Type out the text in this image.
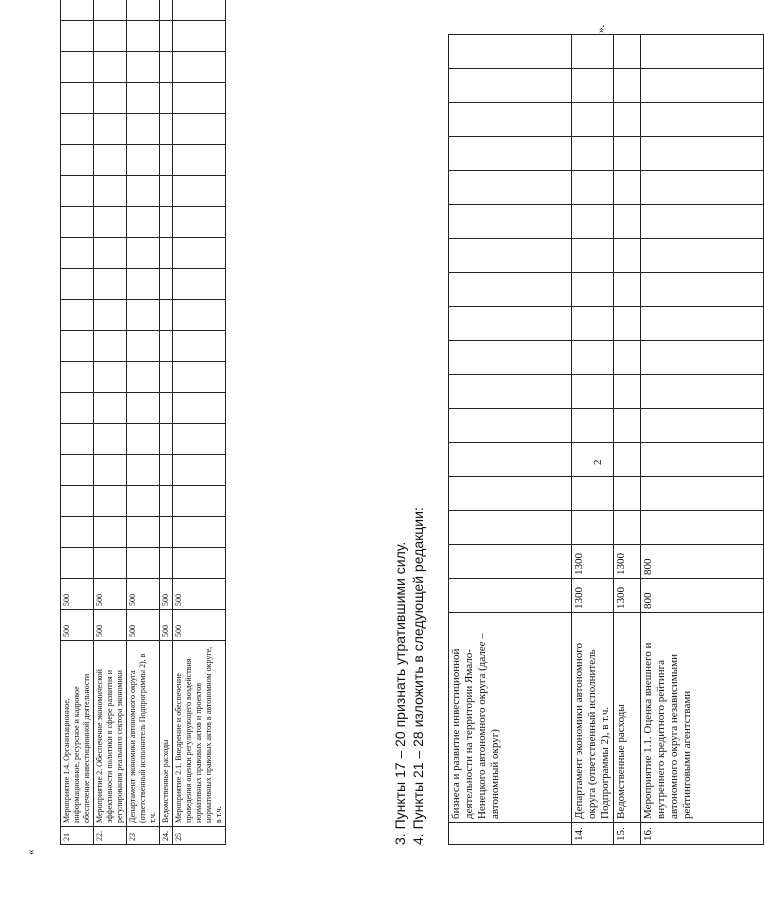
2
	бизнеса и развитие инвестиционной деятельности на территории Ямало-Ненецкого автономного округа (далее – автономный округ)																	
14.	Департамент экономики автономного округа (ответственный исполнитель Подпрограммы 2), в т.ч.	1300	1300															
15.	Ведомственные расходы	1300	1300															
16.	Мероприятие 1.1. Оценка внешнего и внутреннего кредитного рейтинга автономного округа независимыми рейтинговыми агентствами	800	800															
».
3. Пункты 17 – 20 признать утратившими силу. 4. Пункты 21 – 28 изложить в следующей редакции:
«
21	Мероприятие 1.4. Организационное, информационное, ресурсное и кадровое обеспечение инвестиционной деятельности	500	500																			
22.	Мероприятие 2. Обеспечение экономической эффективности политики в сфере развития и регулирования реального сектора экономики	500	500																			
23	Департамент экономики автономного округа (ответственный исполнитель Подпрограммы 2), в т.ч.	500	500																			
24.	Ведомственные расходы	500	500																			
25	Мероприятие 2.1. Внедрение и обеспечение проведения оценки регулирующего воздействия нормативных правовых актов и проектов нормативных правовых актов в автономном округе, в т.ч.	500	500																			
